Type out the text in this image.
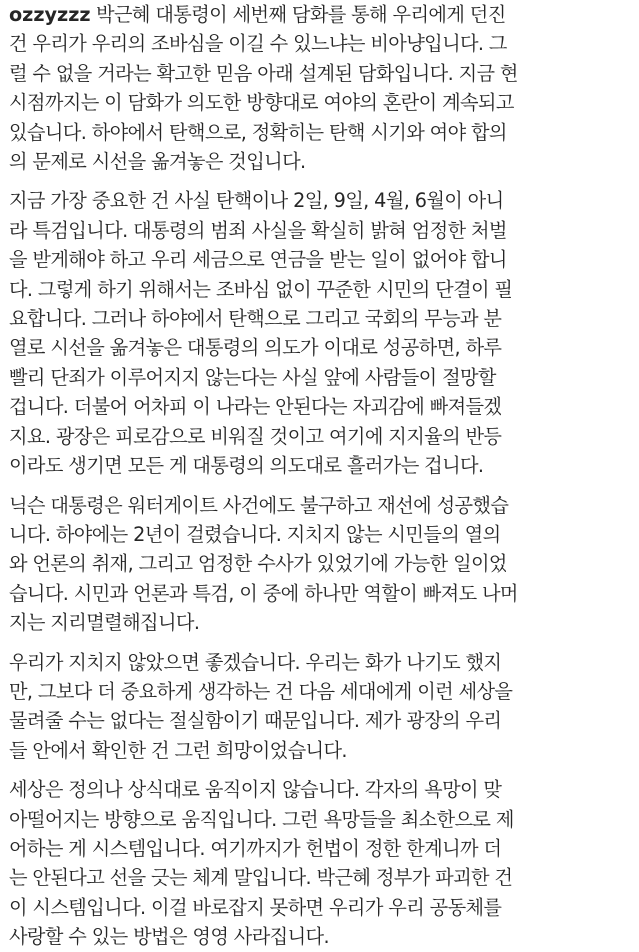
ozzyzzz 박근혜 대통령이 세번째 담화를 통해 우리에게 던진
건 우리가 우리의 조바심을 이길 수 있느냐는 비아냥입니다. 그
럴 수 없을 거라는 확고한 믿음 아래 설계된 담화입니다. 지금 현
시점까지는 이 담화가 의도한 방향대로 여야의 혼란이 계속되고
있습니다. 하야에서 탄핵으로, 정확히는 탄핵 시기와 여야 합의
의 문제로 시선을 옮겨놓은 것입니다.
지금 가장 중요한 건 사실 탄핵이나 2일, 9일, 4월, 6월이 아니
라 특검입니다. 대통령의 범죄 사실을 확실히 밝혀 엄정한 처벌
을 받게해야 하고 우리 세금으로 연금을 받는 일이 없어야 합니
다. 그렇게 하기 위해서는 조바심 없이 꾸준한 시민의 단결이 필
요합니다. 그러나 하야에서 탄핵으로 그리고 국회의 무능과 분
열로 시선을 옮겨놓은 대통령의 의도가 이대로 성공하면, 하루
빨리 단죄가 이루어지지 않는다는 사실 앞에 사람들이 절망할
겁니다. 더불어 어차피 이 나라는 안된다는 자괴감에 빠져들겠
지요. 광장은 피로감으로 비워질 것이고 여기에 지지율의 반등
이라도 생기면 모든 게 대통령의 의도대로 흘러가는 겁니다.
닉슨 대통령은 워터게이트 사건에도 불구하고 재선에 성공했습
니다. 하야에는 2년이 걸렸습니다. 지치지 않는 시민들의 열의
와 언론의 취재, 그리고 엄정한 수사가 있었기에 가능한 일이었
습니다. 시민과 언론과 특검, 이 중에 하나만 역할이 빠져도 나머
지는 지리멸렬해집니다.
우리가 지치지 않았으면 좋겠습니다. 우리는 화가 나기도 했지
만, 그보다 더 중요하게 생각하는 건 다음 세대에게 이런 세상을
물려줄 수는 없다는 절실함이기 때문입니다. 제가 광장의 우리
들 안에서 확인한 건 그런 희망이었습니다.
세상은 정의나 상식대로 움직이지 않습니다. 각자의 욕망이 맞
아떨어지는 방향으로 움직입니다. 그런 욕망들을 최소한으로 제
어하는 게 시스템입니다. 여기까지가 헌법이 정한 한계니까 더
는 안된다고 선을 긋는 체계 말입니다. 박근혜 정부가 파괴한 건
이 시스템입니다. 이걸 바로잡지 못하면 우리가 우리 공동체를
사랑할 수 있는 방법은 영영 사라집니다.
